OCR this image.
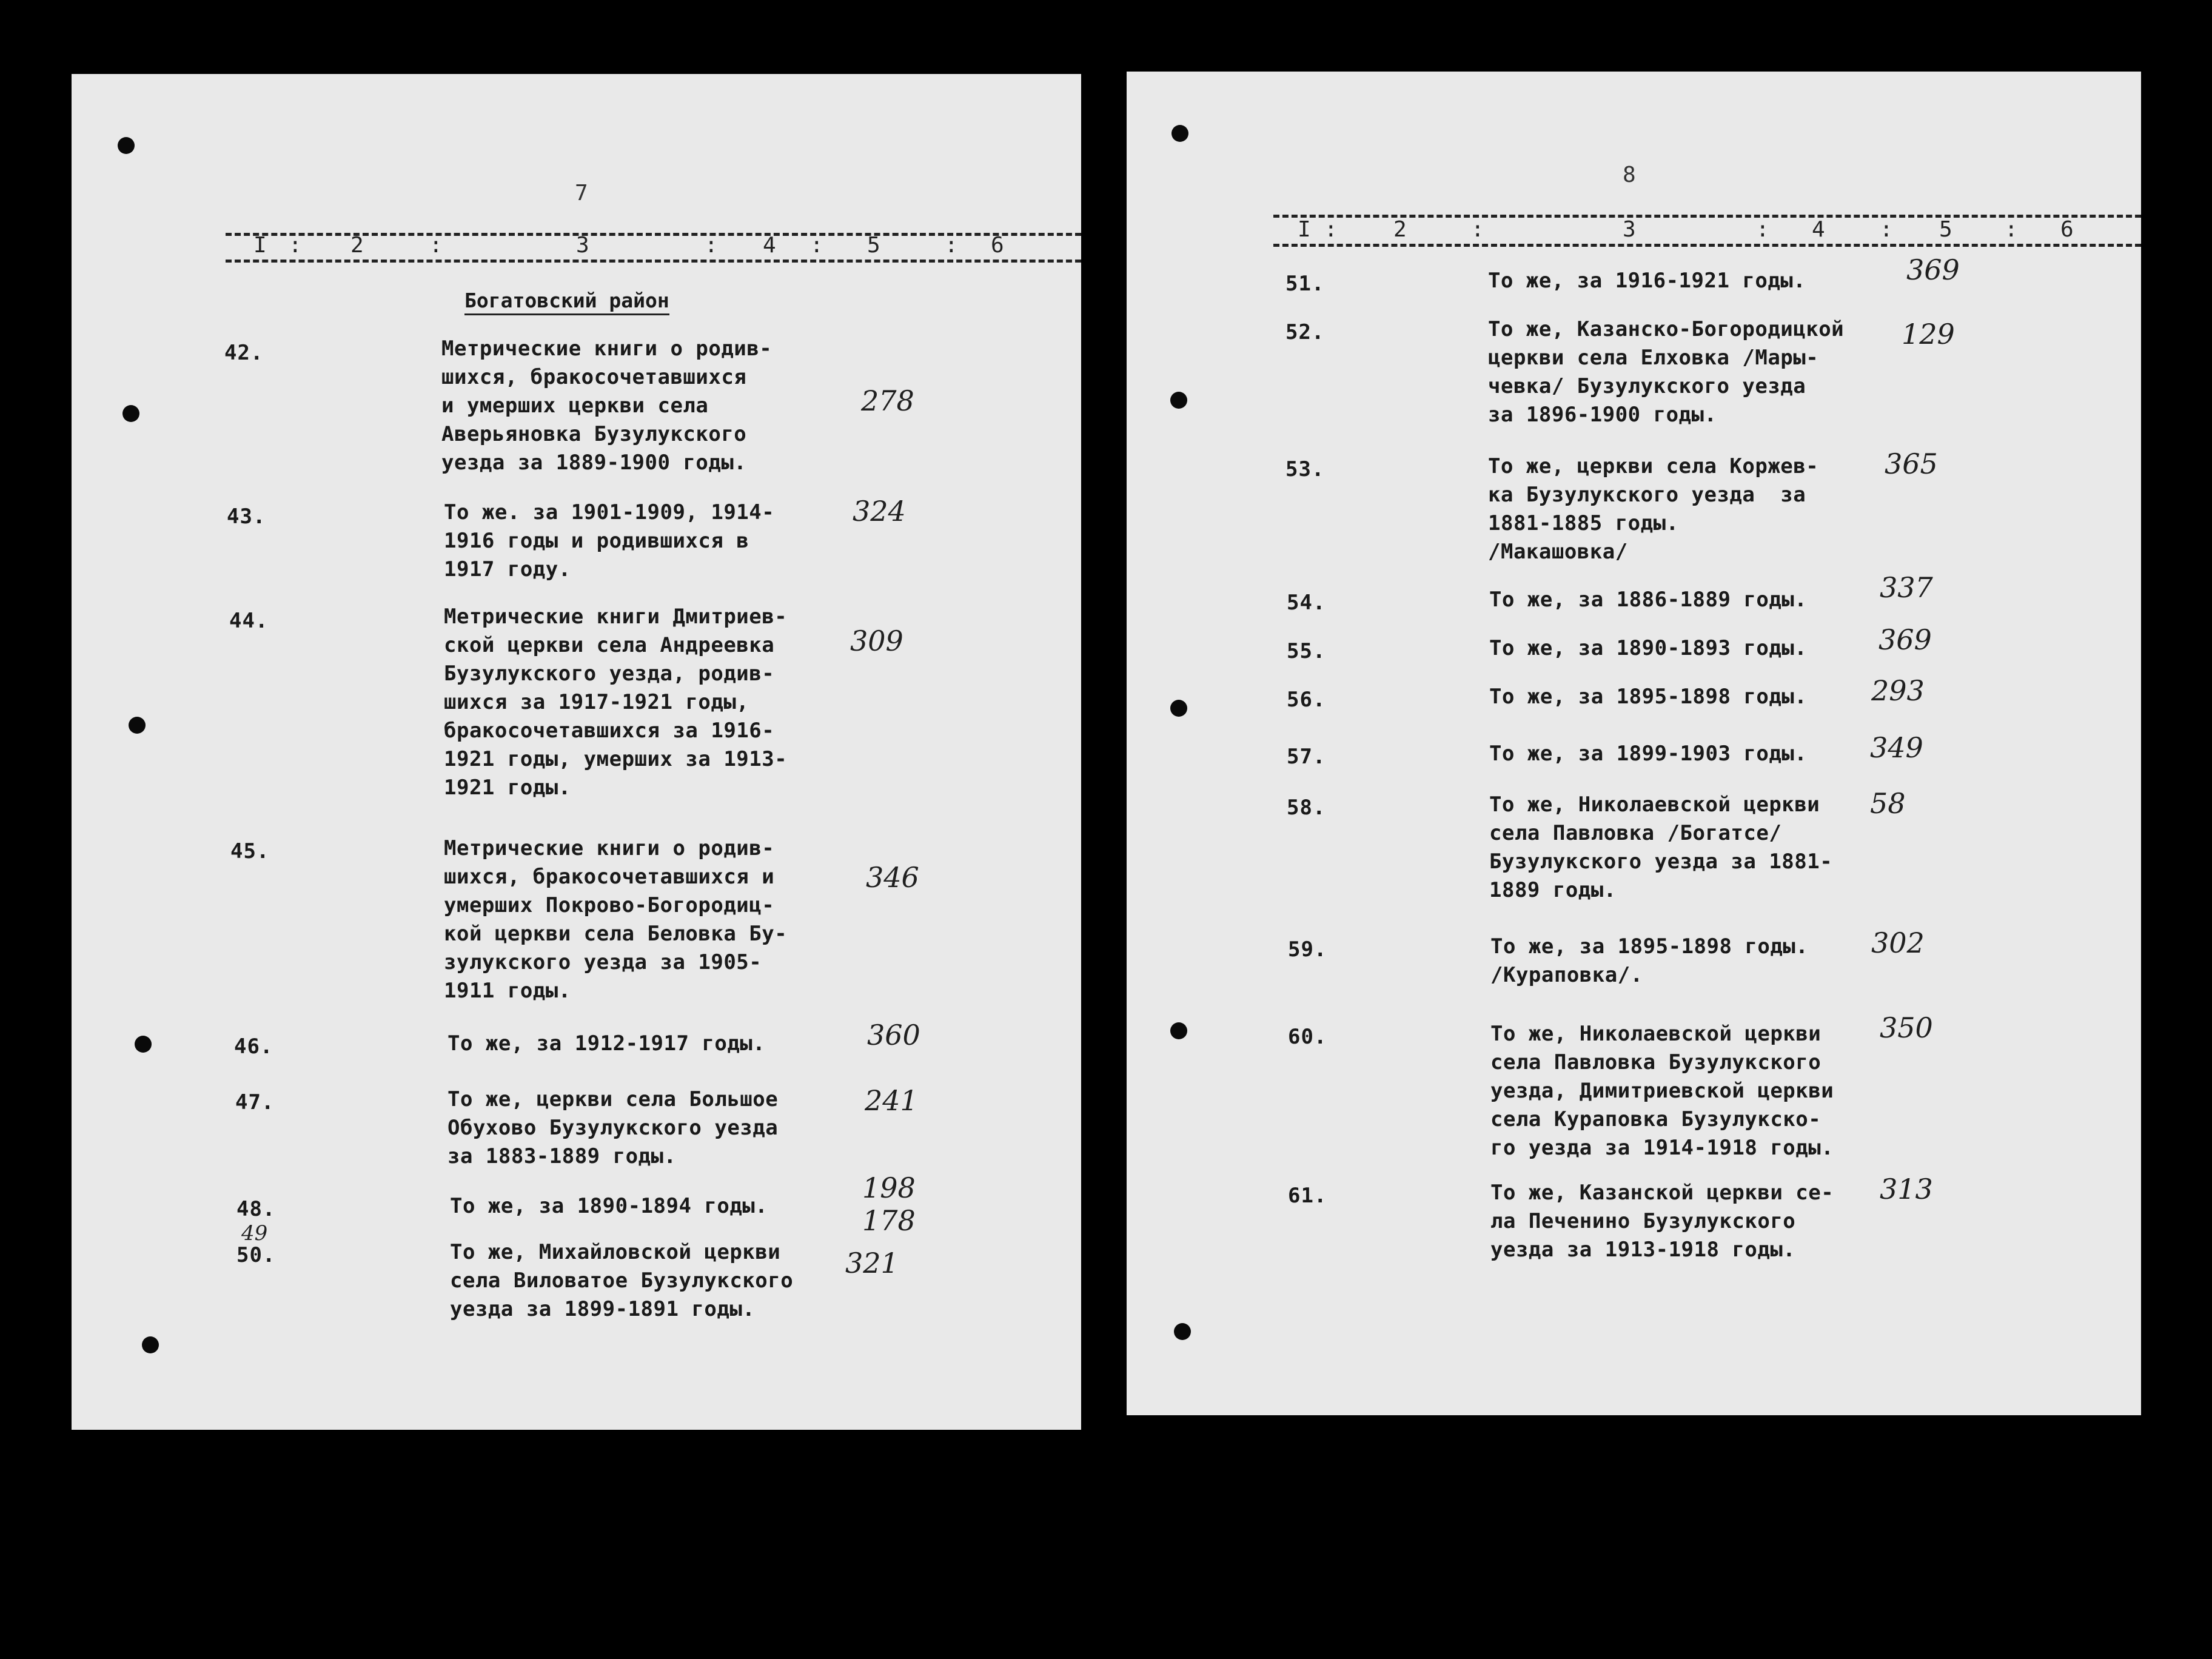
7
I : 2	:	3	: 4 : 5	: 6
Богатовский район
42.	Метрические книги о родив-
шихся, бракосочетавшихся
и умерших церкви села
Аверьяновка Бузулукского
уезда за 1889-1900 годы.
278
43.	То же. за 1901-1909, 1914-
1916 годы и родившихся в
1917 году.
324
44.	Метрические книги Дмитриев-
ской церкви села Андреевка
Бузулукского уезда, родив-
шихся за 1917-1921 годы,
бракосочетавшихся за 1916-
1921 годы, умерших за 1913-
1921 годы.
309
45.	Метрические книги о родив-
шихся, бракосочетавшихся и
умерших Покрово-Богородиц-
кой церкви села Беловка Бу-
зулукского уезда за 1905-
1911 годы.
346
46.	То же, за 1912-1917 годы.	360
47.	То же, церкви села Большое
Обухово Бузулукского уезда
за 1883-1889 годы.
241
48.	То же, за 1890-1894 годы.
198
49	178
50.	То же, Михайловской церкви
села Виловатое Бузулукского
уезда за 1899-1891 годы.
321
8
I :	2	:	3	: 4	: 5 : 6
51.	То же, за 1916-1921 годы.	369
52.	То же, Казанско-Богородицкой
церкви села Елховка /Мары-
чевка/ Бузулукского уезда
за 1896-1900 годы.
129
53.	То же, церкви села Коржев-
ка Бузулукского уезда  за
1881-1885 годы.
/Макашовка/
365
54.	То же, за 1886-1889 годы.	337
55.	То же, за 1890-1893 годы.	369
56.	То же, за 1895-1898 годы. 293
57.	То же, за 1899-1903 годы. 349
58.	То же, Николаевской церкви
села Павловка /Богатсе/
Бузулукского уезда за 1881-
1889 годы.
58
59.	То же, за 1895-1898 годы.
/Кураповка/.
302
60.	То же, Николаевской церкви
села Павловка Бузулукского
уезда, Димитриевской церкви
села Кураповка Бузулукско-
го уезда за 1914-1918 годы.
350
61.	То же, Казанской церкви се-
ла Печенино Бузулукского
уезда за 1913-1918 годы.
313
